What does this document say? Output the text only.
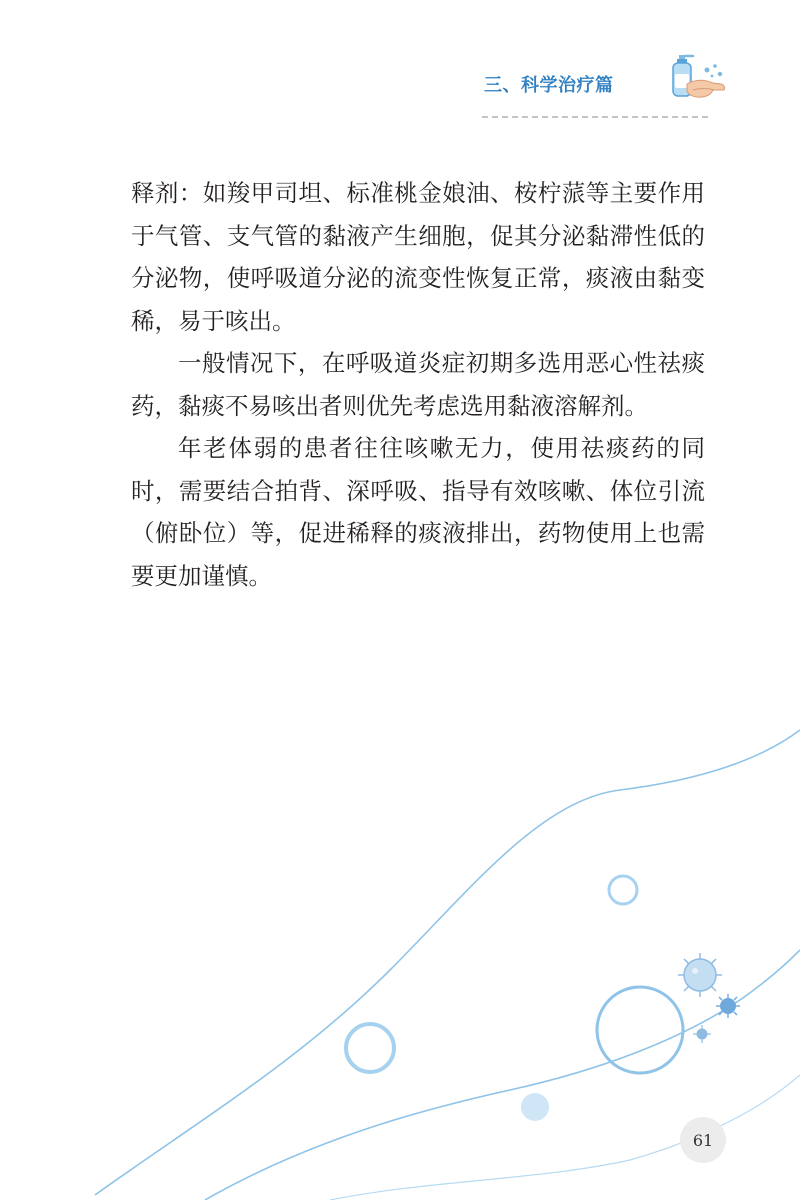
三、科学治疗篇

释剂：如羧甲司坦、标准桃金娘油、桉柠蒎等主要作用于气管、支气管的黏液产生细胞，促其分泌黏滞性低的分泌物，使呼吸道分泌的流变性恢复正常，痰液由黏变稀，易于咳出。

一般情况下，在呼吸道炎症初期多选用恶心性祛痰药，黏痰不易咳出者则优先考虑选用黏液溶解剂。

年老体弱的患者往往咳嗽无力，使用祛痰药的同时，需要结合拍背、深呼吸、指导有效咳嗽、体位引流（俯卧位）等，促进稀释的痰液排出，药物使用上也需要更加谨慎。

61
